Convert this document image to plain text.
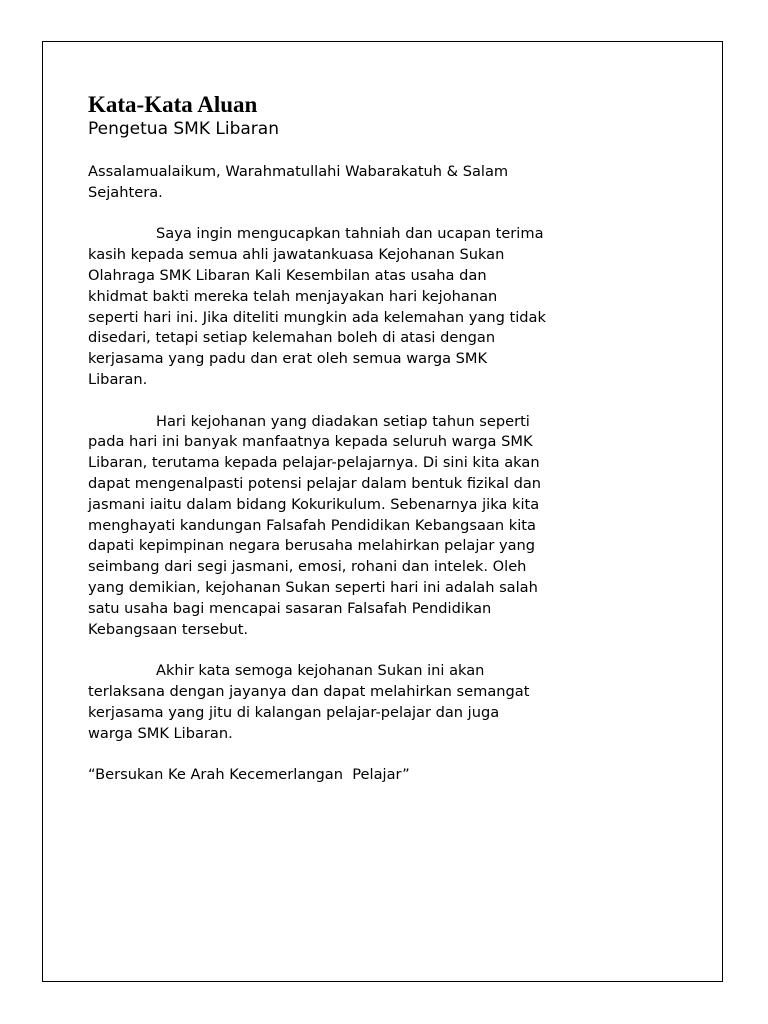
Kata-Kata Aluan
Pengetua SMK Libaran
Assalamualaikum, Warahmatullahi Wabarakatuh & Salam
Sejahtera.
Saya ingin mengucapkan tahniah dan ucapan terima
kasih kepada semua ahli jawatankuasa Kejohanan Sukan
Olahraga SMK Libaran Kali Kesembilan atas usaha dan
khidmat bakti mereka telah menjayakan hari kejohanan
seperti hari ini. Jika diteliti mungkin ada kelemahan yang tidak
disedari, tetapi setiap kelemahan boleh di atasi dengan
kerjasama yang padu dan erat oleh semua warga SMK
Libaran.
Hari kejohanan yang diadakan setiap tahun seperti
pada hari ini banyak manfaatnya kepada seluruh warga SMK
Libaran, terutama kepada pelajar-pelajarnya. Di sini kita akan
dapat mengenalpasti potensi pelajar dalam bentuk fizikal dan
jasmani iaitu dalam bidang Kokurikulum. Sebenarnya jika kita
menghayati kandungan Falsafah Pendidikan Kebangsaan kita
dapati kepimpinan negara berusaha melahirkan pelajar yang
seimbang dari segi jasmani, emosi, rohani dan intelek. Oleh
yang demikian, kejohanan Sukan seperti hari ini adalah salah
satu usaha bagi mencapai sasaran Falsafah Pendidikan
Kebangsaan tersebut.
Akhir kata semoga kejohanan Sukan ini akan
terlaksana dengan jayanya dan dapat melahirkan semangat
kerjasama yang jitu di kalangan pelajar-pelajar dan juga
warga SMK Libaran.
“Bersukan Ke Arah Kecemerlangan  Pelajar”
